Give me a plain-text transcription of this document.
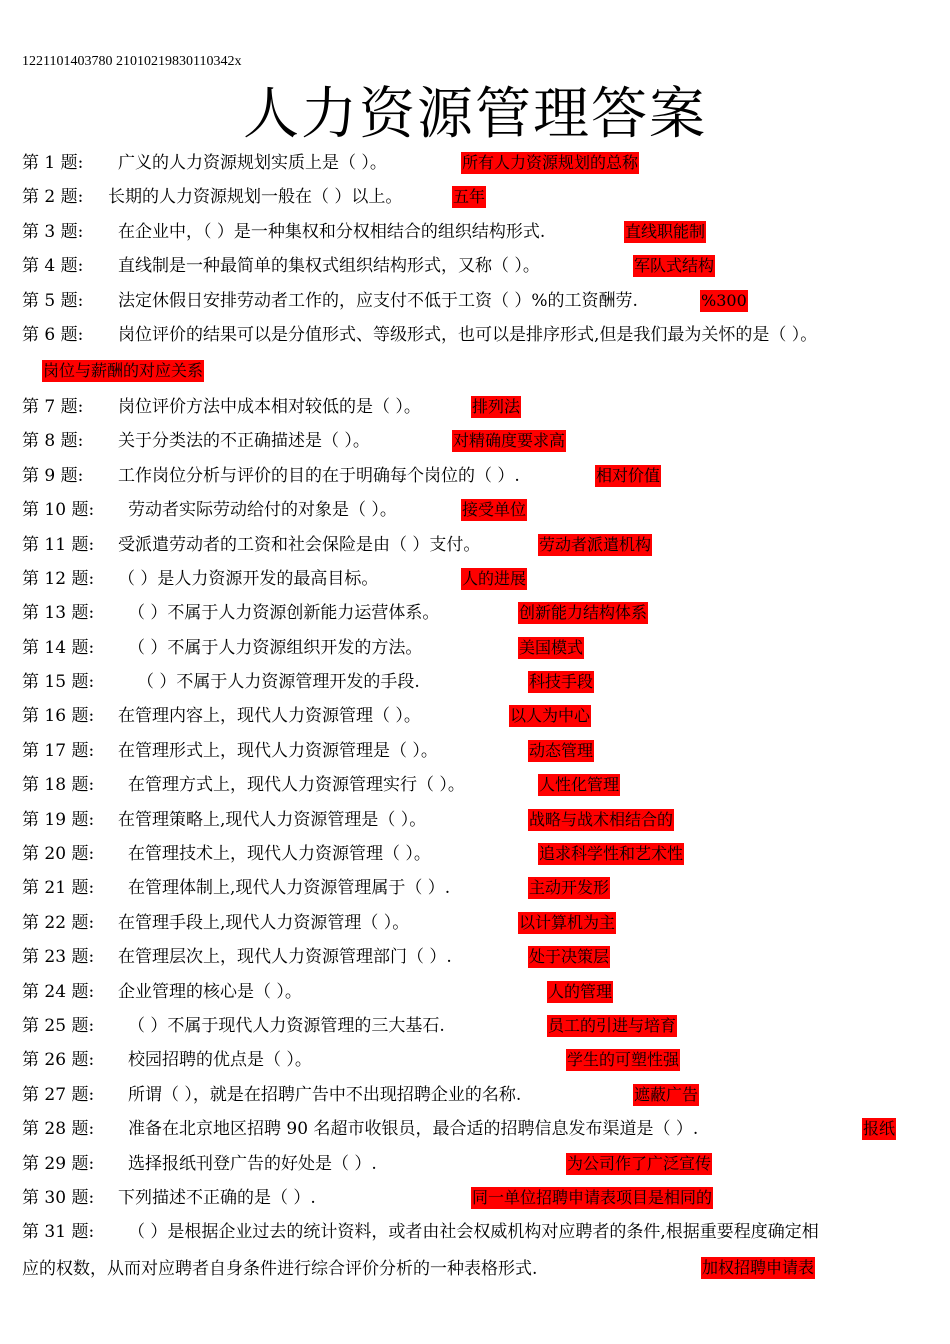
1221101403780 21010219830110342x
人力资源管理答案
第 1 题: 广义的人力资源规划实质上是（ ）。	所有人力资源规划的总称
第 2 题: 长期的人力资源规划一般在（ ）以上。	五年
第 3 题: 在企业中，（ ）是一种集权和分权相结合的组织结构形式.	直线职能制
第 4 题: 直线制是一种最简单的集权式组织结构形式，又称（ ）。	军队式结构
第 5 题: 法定休假日安排劳动者工作的，应支付不低于工资（ ）%的工资酬劳.	%300
第 6 题: 岗位评价的结果可以是分值形式、等级形式，也可以是排序形式,但是我们最为关怀的是（ ）。
岗位与薪酬的对应关系
第 7 题: 岗位评价方法中成本相对较低的是（ ）。	排列法
第 8 题: 关于分类法的不正确描述是（ ）。	对精确度要求高
第 9 题: 工作岗位分析与评价的目的在于明确每个岗位的（ ）.	相对价值
第 10 题: 劳动者实际劳动给付的对象是（ ）。	接受单位
第 11 题: 受派遣劳动者的工资和社会保险是由（ ）支付。	劳动者派遣机构
第 12 题: （ ）是人力资源开发的最高目标。	人的进展
第 13 题: （ ）不属于人力资源创新能力运营体系。	创新能力结构体系
第 14 题: （ ）不属于人力资源组织开发的方法。	美国模式
第 15 题:	（ ）不属于人力资源管理开发的手段.	科技手段
第 16 题: 在管理内容上，现代人力资源管理（ ）。	以人为中心
第 17 题: 在管理形式上，现代人力资源管理是（ ）。	动态管理
第 18 题: 在管理方式上，现代人力资源管理实行（ ）。	人性化管理
第 19 题: 在管理策略上,现代人力资源管理是（ ）。	战略与战术相结合的
第 20 题: 在管理技术上，现代人力资源管理（ ）。	追求科学性和艺术性
第 21 题: 在管理体制上,现代人力资源管理属于（ ）.	主动开发形
第 22 题: 在管理手段上,现代人力资源管理（ ）。	以计算机为主
第 23 题: 在管理层次上，现代人力资源管理部门（ ）.	处于决策层
第 24 题: 企业管理的核心是（ ）。	人的管理
第 25 题: （ ）不属于现代人力资源管理的三大基石.	员工的引进与培育
第 26 题: 校园招聘的优点是（ ）。	学生的可塑性强
第 27 题: 所谓（ ），就是在招聘广告中不出现招聘企业的名称.	遮蔽广告
第 28 题: 准备在北京地区招聘 90 名超市收银员，最合适的招聘信息发布渠道是（ ）.	报纸
第 29 题: 选择报纸刊登广告的好处是（ ）.	为公司作了广泛宣传
第 30 题: 下列描述不正确的是（ ）.	同一单位招聘申请表项目是相同的
第 31 题: （ ）是根据企业过去的统计资料，或者由社会权威机构对应聘者的条件,根据重要程度确定相
应的权数，从而对应聘者自身条件进行综合评价分析的一种表格形式.	加权招聘申请表
